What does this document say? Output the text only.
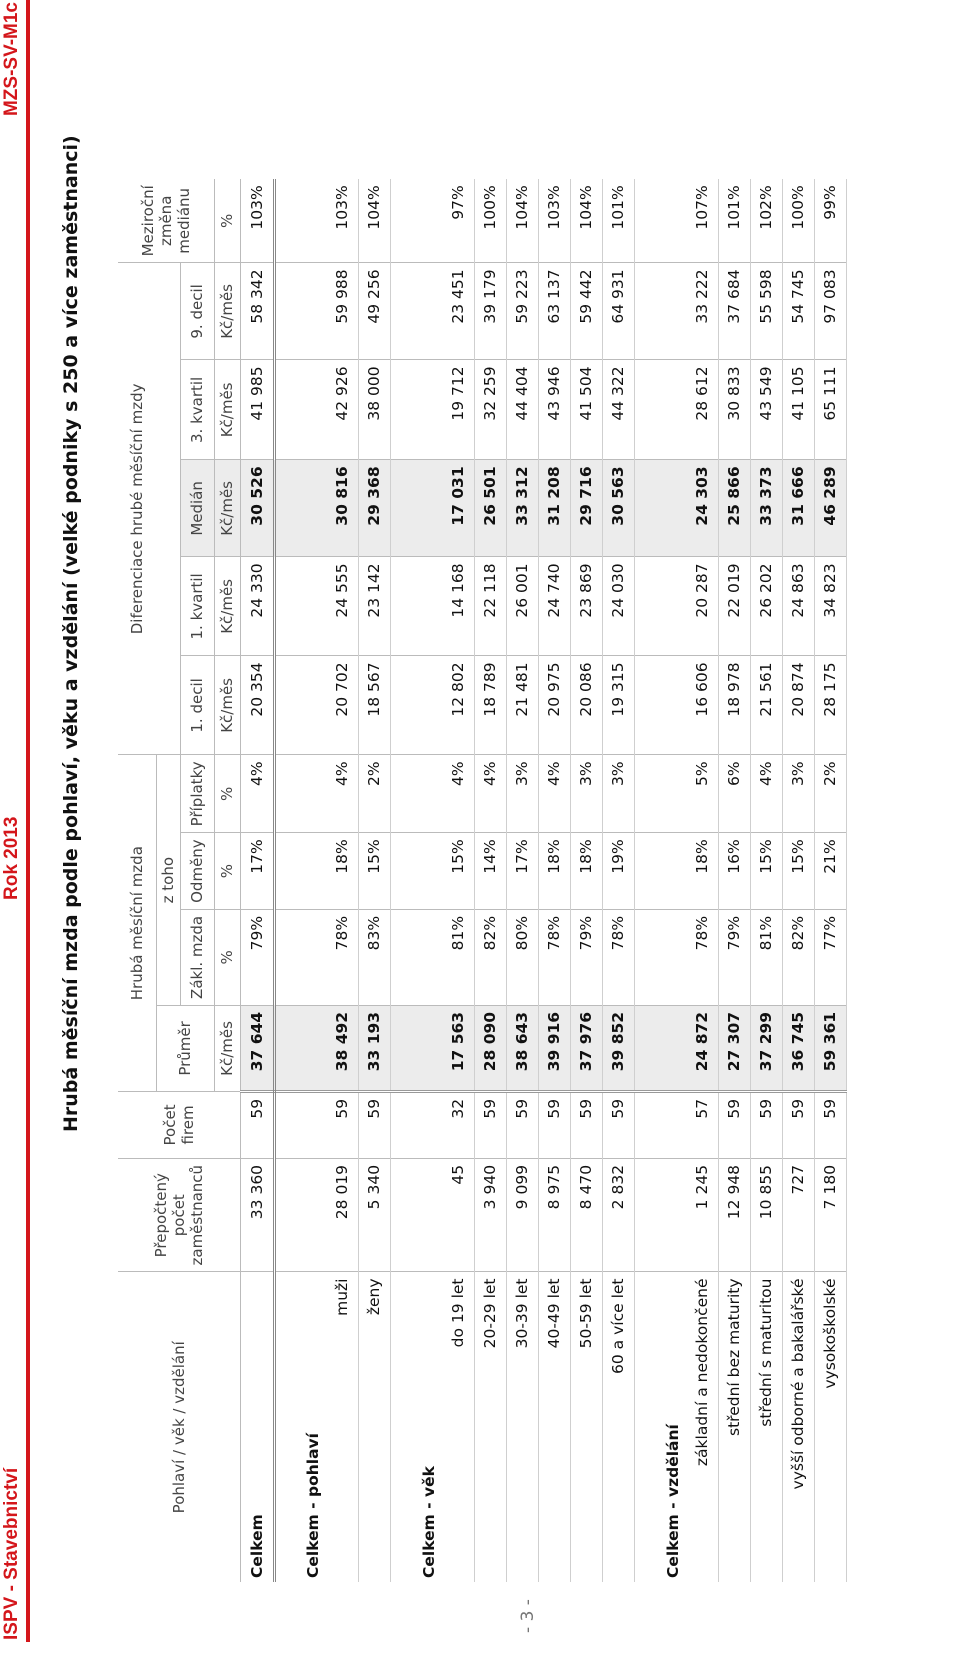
ISPV - Stavebnictví
Rok 2013
MZS-SV-M1c
Hrubá měsíční mzda podle pohlaví, věku a vzdělání (velké podniky s 250 a více zaměstnanci)
- 3 -
Pohlaví / věk / vzdělání	Přepočtený počet zaměstnanců	Počet firem	Hrubá měsíční mzda				Diferenciace hrubé měsíční mzdy					Meziroční změna mediánu
			Průměr	z toho								
				Zákl. mzda	Odměny	Příplatky	1. decil	1. kvartil	Medián	3. kvartil	9. decil	
			Kč/měs	%	%	%	Kč/měs	Kč/měs	Kč/měs	Kč/měs	Kč/měs	%
Celkem	33 360	59	37 644	79%	17%	4%	20 354	24 330	30 526	41 985	58 342	103%
Celkem - pohlaví												
muži	28 019	59	38 492	78%	18%	4%	20 702	24 555	30 816	42 926	59 988	103%
ženy	5 340	59	33 193	83%	15%	2%	18 567	23 142	29 368	38 000	49 256	104%
Celkem - věk												
do 19 let	45	32	17 563	81%	15%	4%	12 802	14 168	17 031	19 712	23 451	97%
20-29 let	3 940	59	28 090	82%	14%	4%	18 789	22 118	26 501	32 259	39 179	100%
30-39 let	9 099	59	38 643	80%	17%	3%	21 481	26 001	33 312	44 404	59 223	104%
40-49 let	8 975	59	39 916	78%	18%	4%	20 975	24 740	31 208	43 946	63 137	103%
50-59 let	8 470	59	37 976	79%	18%	3%	20 086	23 869	29 716	41 504	59 442	104%
60 a více let	2 832	59	39 852	78%	19%	3%	19 315	24 030	30 563	44 322	64 931	101%
Celkem - vzdělání												
základní a nedokončené	1 245	57	24 872	78%	18%	5%	16 606	20 287	24 303	28 612	33 222	107%
střední bez maturity	12 948	59	27 307	79%	16%	6%	18 978	22 019	25 866	30 833	37 684	101%
střední s maturitou	10 855	59	37 299	81%	15%	4%	21 561	26 202	33 373	43 549	55 598	102%
vyšší odborné a bakalářské	727	59	36 745	82%	15%	3%	20 874	24 863	31 666	41 105	54 745	100%
vysokoškolské	7 180	59	59 361	77%	21%	2%	28 175	34 823	46 289	65 111	97 083	99%
